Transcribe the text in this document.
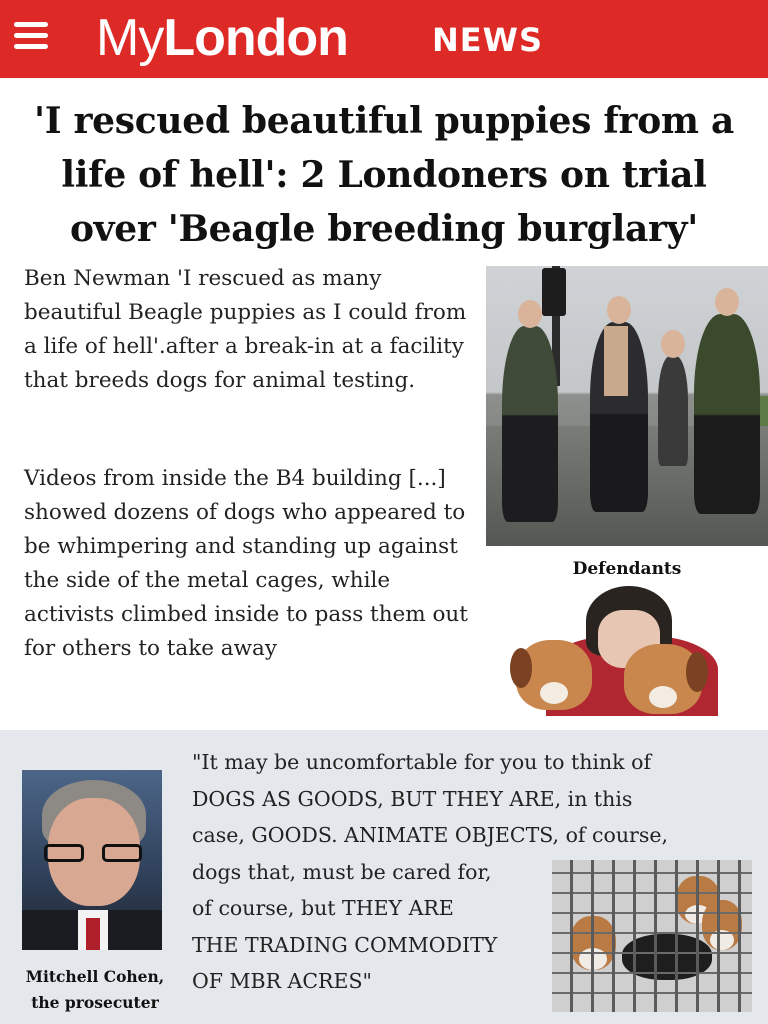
MyLondon	NEWS
'I rescued beautiful puppies from a life of hell': 2 Londoners on trial over 'Beagle breeding burglary'

Ben Newman 'I rescued as many beautiful Beagle puppies as I could from a life of hell'.after a break-in at a facility that breeds dogs for animal testing.

Videos from inside the B4 building [...] showed dozens of dogs who appeared to be whimpering and standing up against the side of the metal cages, while activists climbed inside to pass them out for others to take away

Defendants
Mitchell Cohen,
the prosecuter

"It may be uncomfortable for you to think of
DOGS AS GOODS, BUT THEY ARE, in this
case, GOODS. ANIMATE OBJECTS, of course,
dogs that, must be cared for,
of course, but THEY ARE
THE TRADING COMMODITY
OF MBR ACRES"
